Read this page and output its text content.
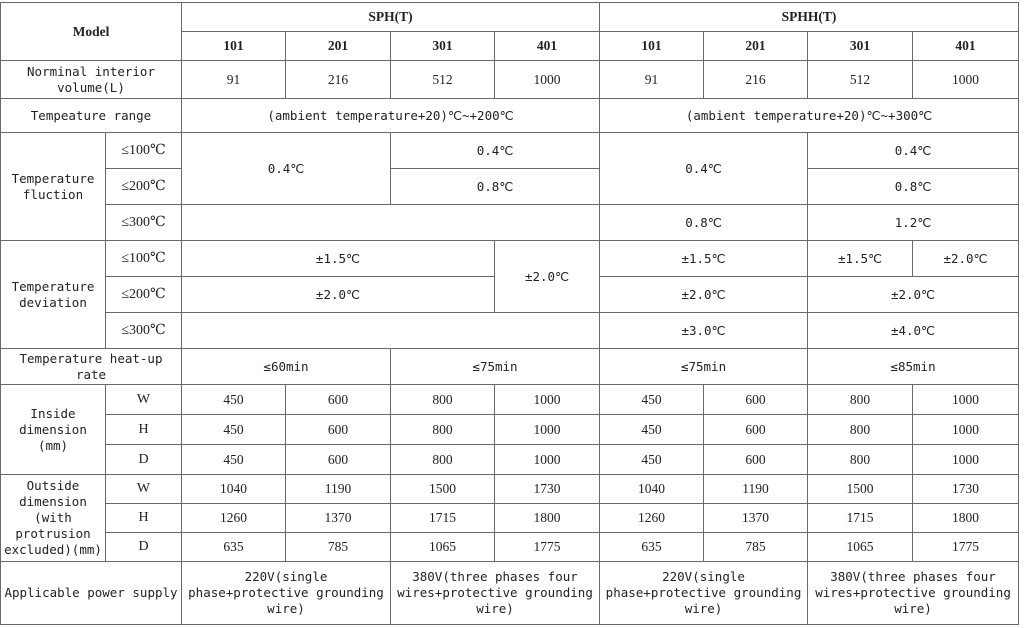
Model		SPH(T)				SPHH(T)			
		101	201	301	401	101	201	301	401
Norminal interior volume(L)		91	216	512	1000	91	216	512	1000
Tempeature range		(ambient temperature+20)℃~+200℃				(ambient temperature+20)℃~+300℃			
Temperature fluction	≤100℃	0.4℃		0.4℃		0.4℃		0.4℃	
	≤200℃			0.8℃				0.8℃	
	≤300℃					0.8℃		1.2℃	
Temperature deviation	≤100℃	±1.5℃			±2.0℃	±1.5℃		±1.5℃	±2.0℃
	≤200℃	±2.0℃				±2.0℃		±2.0℃	
	≤300℃					±3.0℃		±4.0℃	
Temperature heat-up rate		≤60min		≤75min		≤75min		≤85min	
Inside dimension (mm)	W	450	600	800	1000	450	600	800	1000
	H	450	600	800	1000	450	600	800	1000
	D	450	600	800	1000	450	600	800	1000
Outside dimension (with protrusion excluded)(mm)	W	1040	1190	1500	1730	1040	1190	1500	1730
	H	1260	1370	1715	1800	1260	1370	1715	1800
	D	635	785	1065	1775	635	785	1065	1775
Applicable power supply		220V(single phase+protective grounding wire)		380V(three phases four wires+protective grounding wire)		220V(single phase+protective grounding wire)		380V(three phases four wires+protective grounding wire)	
